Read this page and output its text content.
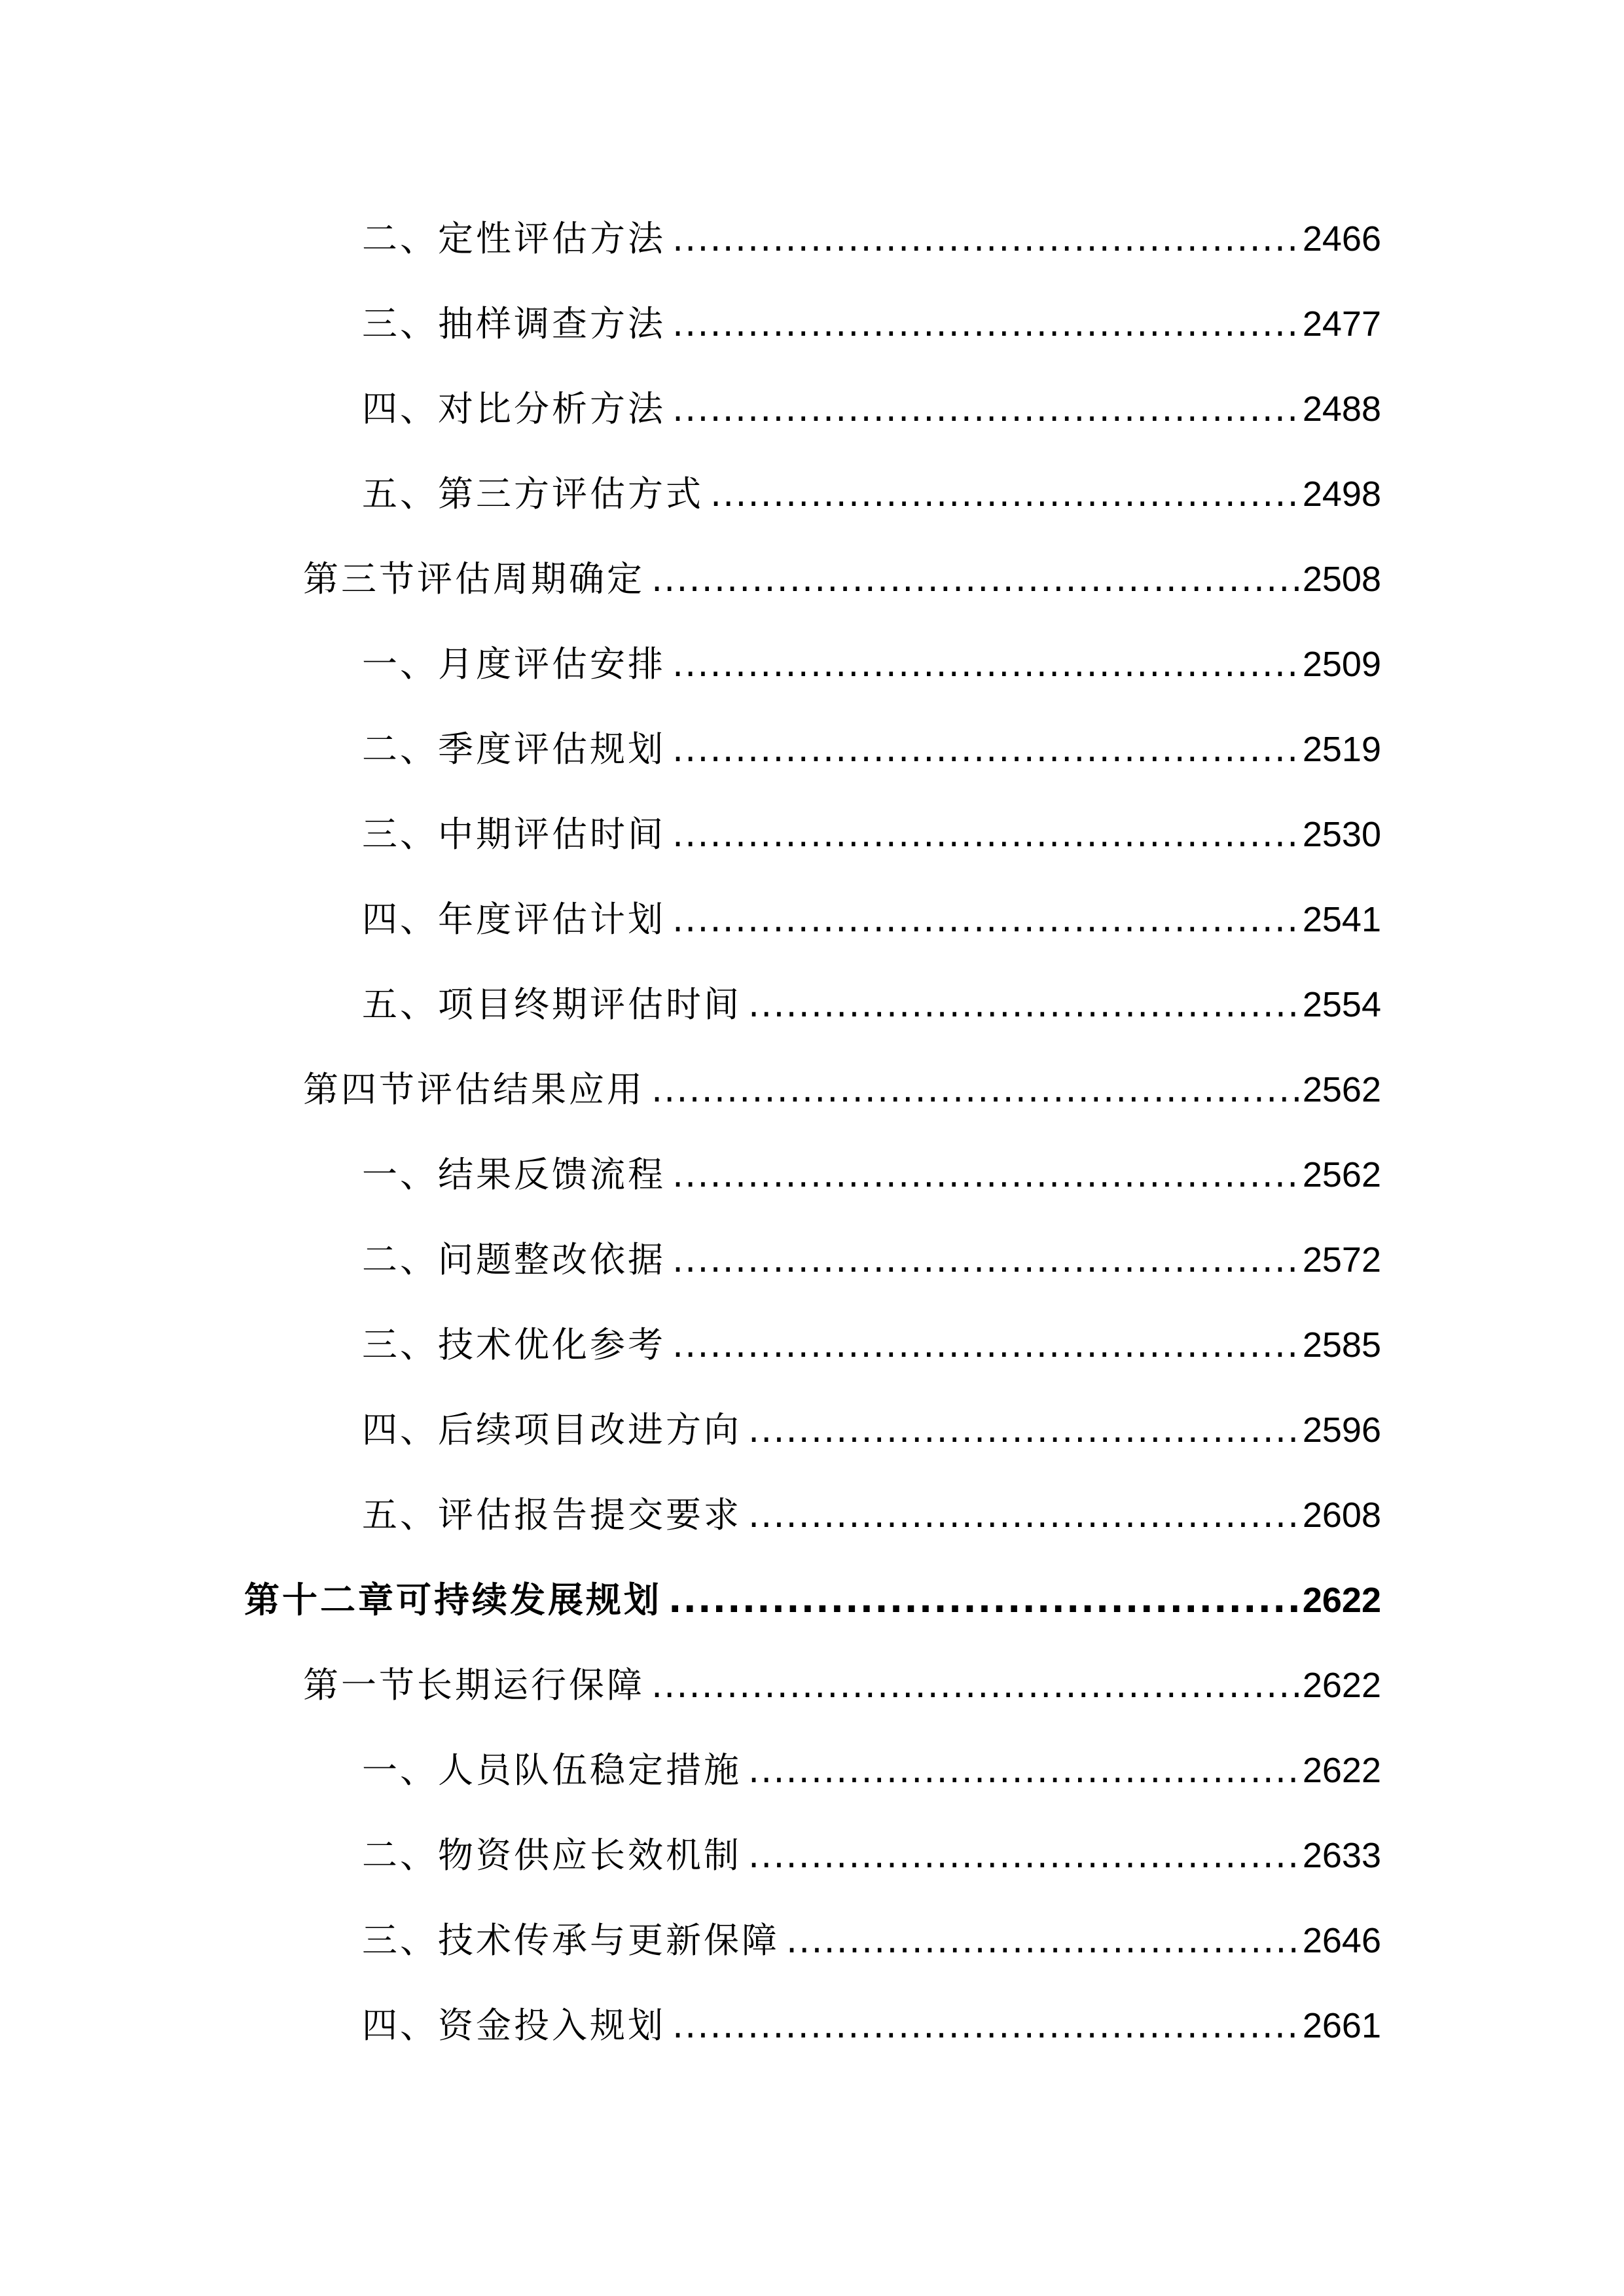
二、定性评估方法 .....	2466
三、抽样调查方法 .....	2477
四、对比分析方法 .....	2488
五、第三方评估方式 .....	2498
第三节评估周期确定 .....	2508
一、月度评估安排 .....	2509
二、季度评估规划 .....	2519
三、中期评估时间 .....	2530
四、年度评估计划 .....	2541
五、项目终期评估时间 .....	2554
第四节评估结果应用 .....	2562
一、结果反馈流程 .....	2562
二、问题整改依据 .....	2572
三、技术优化参考 .....	2585
四、后续项目改进方向 .....	2596
五、评估报告提交要求 .....	2608
第十二章可持续发展规划 .....	2622
第一节长期运行保障 .....	2622
一、人员队伍稳定措施 .....	2622
二、物资供应长效机制 .....	2633
三、技术传承与更新保障 .....	2646
四、资金投入规划 .....	2661
